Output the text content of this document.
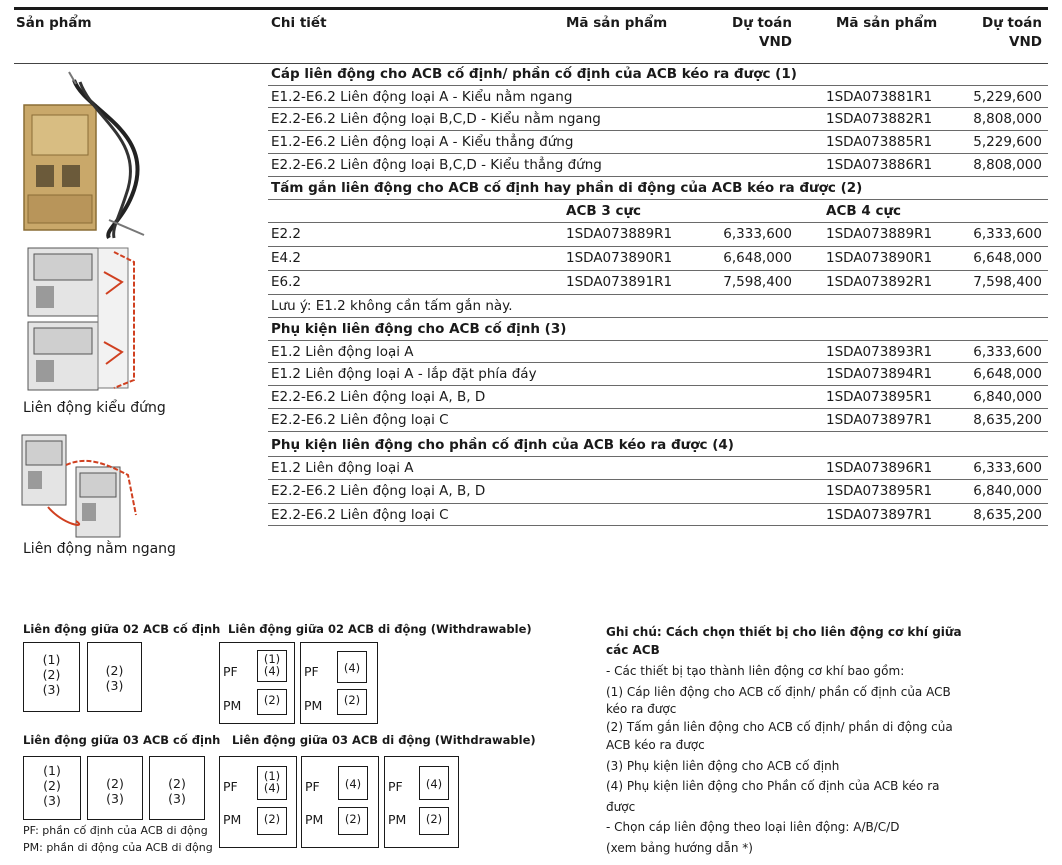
Sản phẩm	Chi tiết	Mã sản phẩm	Dự toán
VND
Mã sản phẩm	Dự toán
VND
Cáp liên động cho ACB cố định/ phần cố định của ACB kéo ra được (1)
E1.2-E6.2 Liên động loại A - Kiểu nằm ngang	1SDA073881R1	5,229,600
E2.2-E6.2 Liên động loại B,C,D - Kiểu nằm ngang	1SDA073882R1	8,808,000
E1.2-E6.2 Liên động loại A - Kiểu thẳng đứng	1SDA073885R1	5,229,600
E2.2-E6.2 Liên động loại B,C,D - Kiểu thẳng đứng	1SDA073886R1	8,808,000
Tấm gắn liên động cho ACB cố định hay phần di động của ACB kéo ra được (2)
ACB 3 cực	ACB 4 cực
E2.2	1SDA073889R1	6,333,600	1SDA073889R1	6,333,600
E4.2	1SDA073890R1	6,648,000	1SDA073890R1	6,648,000
E6.2	1SDA073891R1	7,598,400	1SDA073892R1	7,598,400
Lưu ý: E1.2 không cần tấm gắn này.
Phụ kiện liên động cho ACB cố định (3)
E1.2 Liên động loại A	1SDA073893R1	6,333,600
E1.2 Liên động loại A - lắp đặt phía đáy	1SDA073894R1	6,648,000
E2.2-E6.2 Liên động loại A, B, D	1SDA073895R1	6,840,000
E2.2-E6.2 Liên động loại C	1SDA073897R1	8,635,200
Phụ kiện liên động cho phần cố định của ACB kéo ra được (4)
E1.2 Liên động loại A	1SDA073896R1	6,333,600
E2.2-E6.2 Liên động loại A, B, D	1SDA073895R1	6,840,000
E2.2-E6.2 Liên động loại C	1SDA073897R1	8,635,200
Liên động kiểu đứng
Liên động nằm ngang
Liên động giữa 02 ACB cố định
(1)
(2)
(3)
(2)
(3)
Liên động giữa 02 ACB di động (Withdrawable)
PF
PM
(1)
(4)
(2)
PF
PM
(4)
(2)
Liên động giữa 03 ACB cố định
(1)
(2)
(3)
(2)
(3)
(2)
(3)
PF: phần cố định của ACB di động
PM: phần di động của ACB di động
Liên động giữa 03 ACB di động (Withdrawable)
PF
PM
(1)
(4)
(2)
PF
PM
(4)
(2)
PF
PM
(4)
(2)
Ghi chú: Cách chọn thiết bị cho liên động cơ khí giữa
các ACB
- Các thiết bị tạo thành liên động cơ khí bao gồm:
(1) Cáp liên động cho ACB cố định/ phần cố định của ACB
kéo ra được
(2) Tấm gắn liên động cho ACB cố định/ phần di động của
ACB kéo ra được
(3) Phụ kiện liên động cho ACB cố định
(4) Phụ kiện liên động cho Phần cố định của ACB kéo ra được
- Chọn cáp liên động theo loại liên động: A/B/C/D
(xem bảng hướng dẫn *)
